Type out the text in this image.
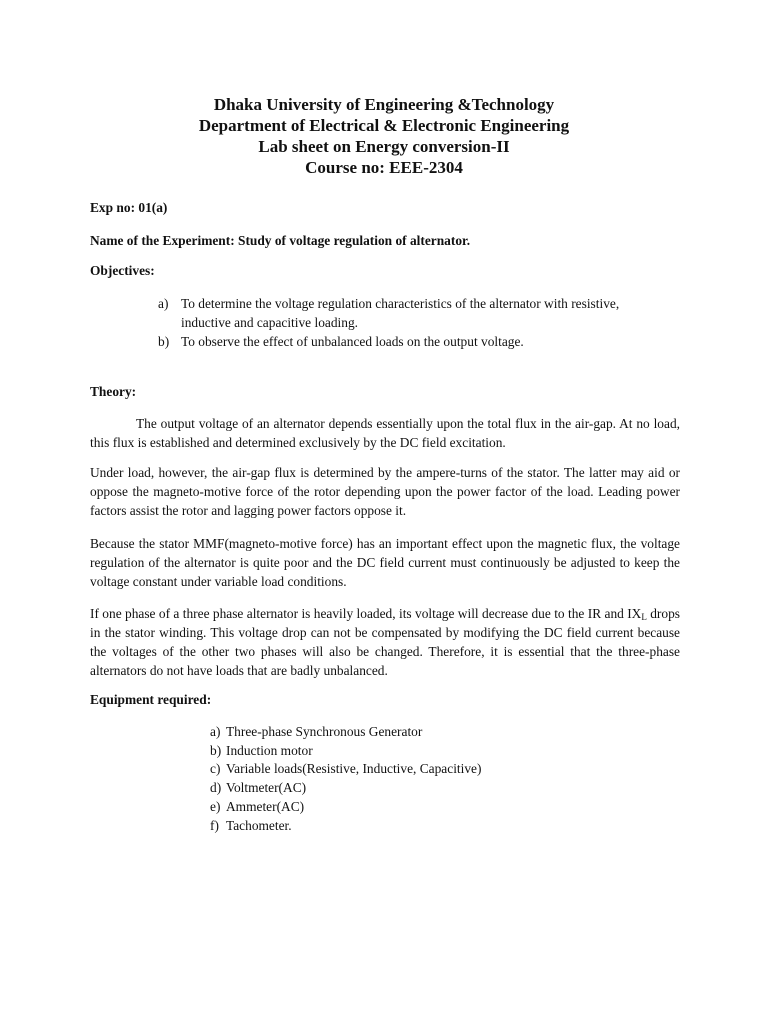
Dhaka University of Engineering &Technology
Department of Electrical & Electronic Engineering
Lab sheet on Energy conversion-II
Course no: EEE-2304
Exp no: 01(a)
Name of the Experiment: Study of voltage regulation of alternator.
Objectives:
a) To determine the voltage regulation characteristics of the alternator with resistive, inductive and capacitive loading.
b) To observe the effect of unbalanced loads on the output voltage.
Theory:
The output voltage of an alternator depends essentially upon the total flux in the air-gap. At no load, this flux is established and determined exclusively by the DC field excitation.
Under load, however, the air-gap flux is determined by the ampere-turns of the stator. The latter may aid or oppose the magneto-motive force of the rotor depending upon the power factor of the load. Leading power factors assist the rotor and lagging power factors oppose it.
Because the stator MMF(magneto-motive force) has an important effect upon the magnetic flux, the voltage regulation of the alternator is quite poor and the DC field current must continuously be adjusted to keep the voltage constant under variable load conditions.
If one phase of a three phase alternator is heavily loaded, its voltage will decrease due to the IR and $IX_L$ drops in the stator winding. This voltage drop can not be compensated by modifying the DC field current because the voltages of the other two phases will also be changed. Therefore, it is essential that the three-phase alternators do not have loads that are badly unbalanced.
Equipment required:
a) Three-phase Synchronous Generator
b) Induction motor
c) Variable loads(Resistive, Inductive, Capacitive)
d) Voltmeter(AC)
e) Ammeter(AC)
f) Tachometer.
